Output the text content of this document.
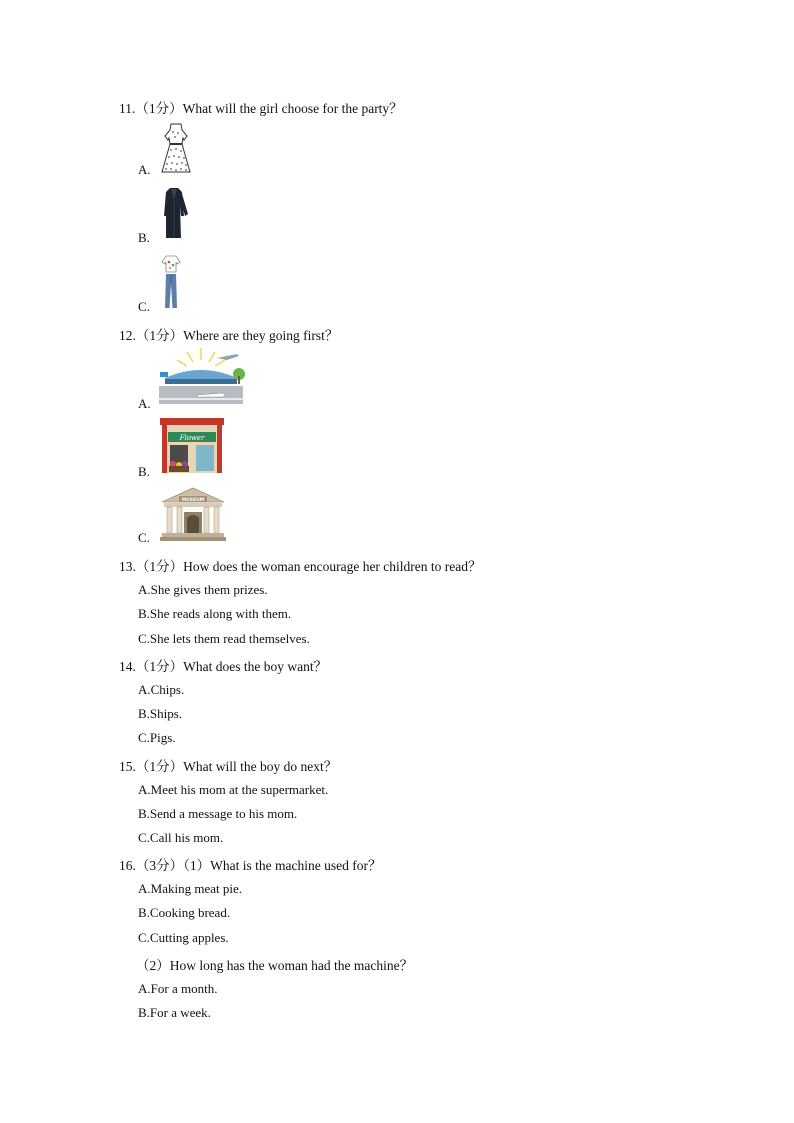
11.（1分）What will the girl choose for the party？
A.
B.
C.
12.（1分）Where are they going first？
A.
B.
Flower
C.
MUSEUM
13.（1分）How does the woman encourage her children to read？
A.She gives them prizes.
B.She reads along with them.
C.She lets them read themselves.
14.（1分）What does the boy want？
A.Chips.
B.Ships.
C.Pigs.
15.（1分）What will the boy do next？
A.Meet his mom at the supermarket.
B.Send a message to his mom.
C.Call his mom.
16.（3分）（1）What is the machine used for？
A.Making meat pie.
B.Cooking bread.
C.Cutting apples.
（2）How long has the woman had the machine？
A.For a month.
B.For a week.
